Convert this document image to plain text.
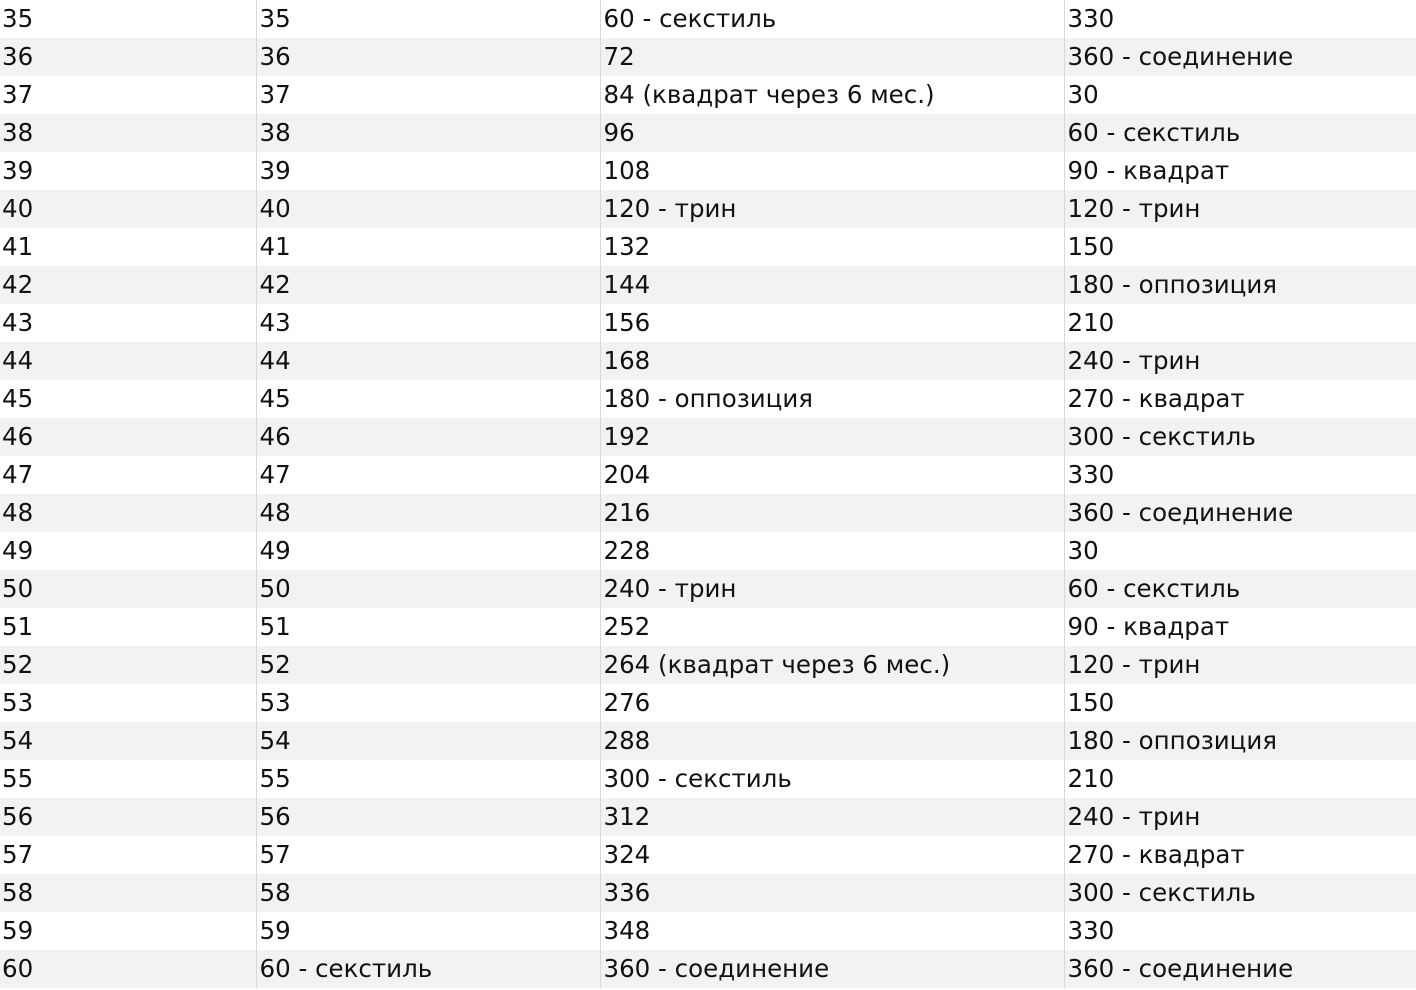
35	35	60 - секстиль	330
36	36	72	360 - соединение
37	37	84 (квадрат через 6 мес.)	30
38	38	96	60 - секстиль
39	39	108	90 - квадрат
40	40	120 - трин	120 - трин
41	41	132	150
42	42	144	180 - оппозиция
43	43	156	210
44	44	168	240 - трин
45	45	180 - оппозиция	270 - квадрат
46	46	192	300 - секстиль
47	47	204	330
48	48	216	360 - соединение
49	49	228	30
50	50	240 - трин	60 - секстиль
51	51	252	90 - квадрат
52	52	264 (квадрат через 6 мес.)	120 - трин
53	53	276	150
54	54	288	180 - оппозиция
55	55	300 - секстиль	210
56	56	312	240 - трин
57	57	324	270 - квадрат
58	58	336	300 - секстиль
59	59	348	330
60	60 - секстиль	360 - соединение	360 - соединение
